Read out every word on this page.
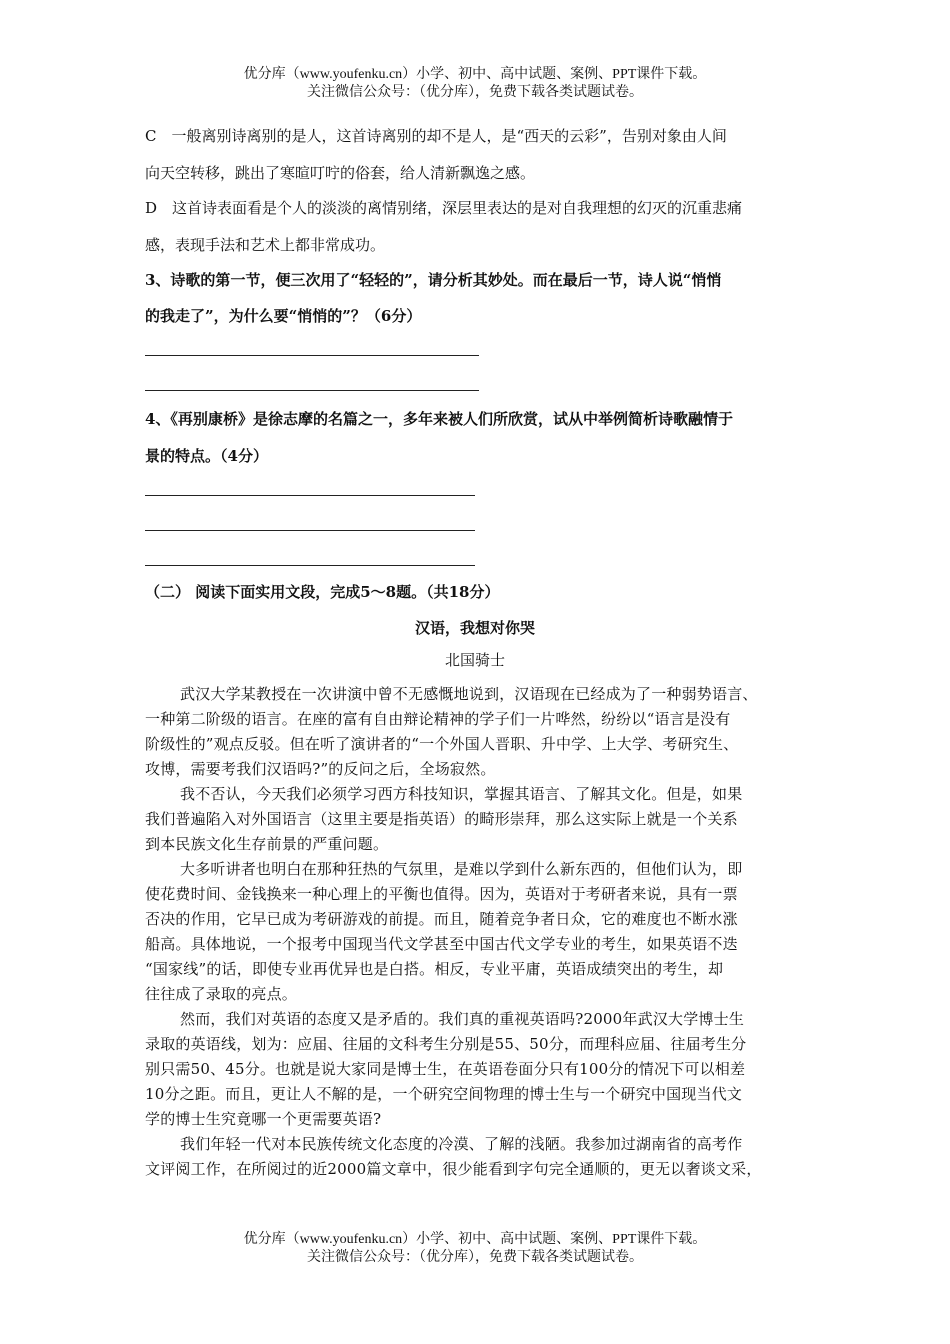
优分库（www.youfenku.cn）小学、初中、高中试题、案例、PPT课件下载。
关注微信公众号：（优分库），免费下载各类试题试卷。
C　一般离别诗离别的是人，这首诗离别的却不是人，是“西天的云彩”，告别对象由人间
向天空转移，跳出了寒暄叮咛的俗套，给人清新飘逸之感。
D　这首诗表面看是个人的淡淡的离情别绪，深层里表达的是对自我理想的幻灭的沉重悲痛
感，表现手法和艺术上都非常成功。
3、诗歌的第一节，便三次用了“轻轻的”，请分析其妙处。而在最后一节，诗人说“悄悄
的我走了”，为什么要“悄悄的”？（6分）
4、《再别康桥》是徐志摩的名篇之一，多年来被人们所欣赏，试从中举例简析诗歌融情于
景的特点。（4分）
（二） 阅读下面实用文段，完成5～8题。（共18分）
汉语，我想对你哭
北国骑士
武汉大学某教授在一次讲演中曾不无感慨地说到，汉语现在已经成为了一种弱势语言、
一种第二阶级的语言。在座的富有自由辩论精神的学子们一片哗然，纷纷以“语言是没有
阶级性的”观点反驳。但在听了演讲者的“一个外国人晋职、升中学、上大学、考研究生、
攻博，需要考我们汉语吗?”的反问之后，全场寂然。
我不否认，今天我们必须学习西方科技知识，掌握其语言、了解其文化。但是，如果
我们普遍陷入对外国语言（这里主要是指英语）的畸形崇拜，那么这实际上就是一个关系
到本民族文化生存前景的严重问题。
大多听讲者也明白在那种狂热的气氛里，是难以学到什么新东西的，但他们认为，即
使花费时间、金钱换来一种心理上的平衡也值得。因为，英语对于考研者来说，具有一票
否决的作用，它早已成为考研游戏的前提。而且，随着竞争者日众，它的难度也不断水涨
船高。具体地说，一个报考中国现当代文学甚至中国古代文学专业的考生，如果英语不迭
“国家线”的话，即使专业再优异也是白搭。相反，专业平庸，英语成绩突出的考生，却
往往成了录取的亮点。
然而，我们对英语的态度又是矛盾的。我们真的重视英语吗?2000年武汉大学博士生
录取的英语线，划为：应届、往届的文科考生分别是55、50分，而理科应届、往届考生分
别只需50、45分。也就是说大家同是博士生，在英语卷面分只有100分的情况下可以相差
10分之距。而且，更让人不解的是，一个研究空间物理的博士生与一个研究中国现当代文
学的博士生究竟哪一个更需要英语?
我们年轻一代对本民族传统文化态度的冷漠、了解的浅陋。我参加过湖南省的高考作
文评阅工作，在所阅过的近2000篇文章中，很少能看到字句完全通顺的，更无以奢谈文采，
优分库（www.youfenku.cn）小学、初中、高中试题、案例、PPT课件下载。
关注微信公众号：（优分库），免费下载各类试题试卷。
